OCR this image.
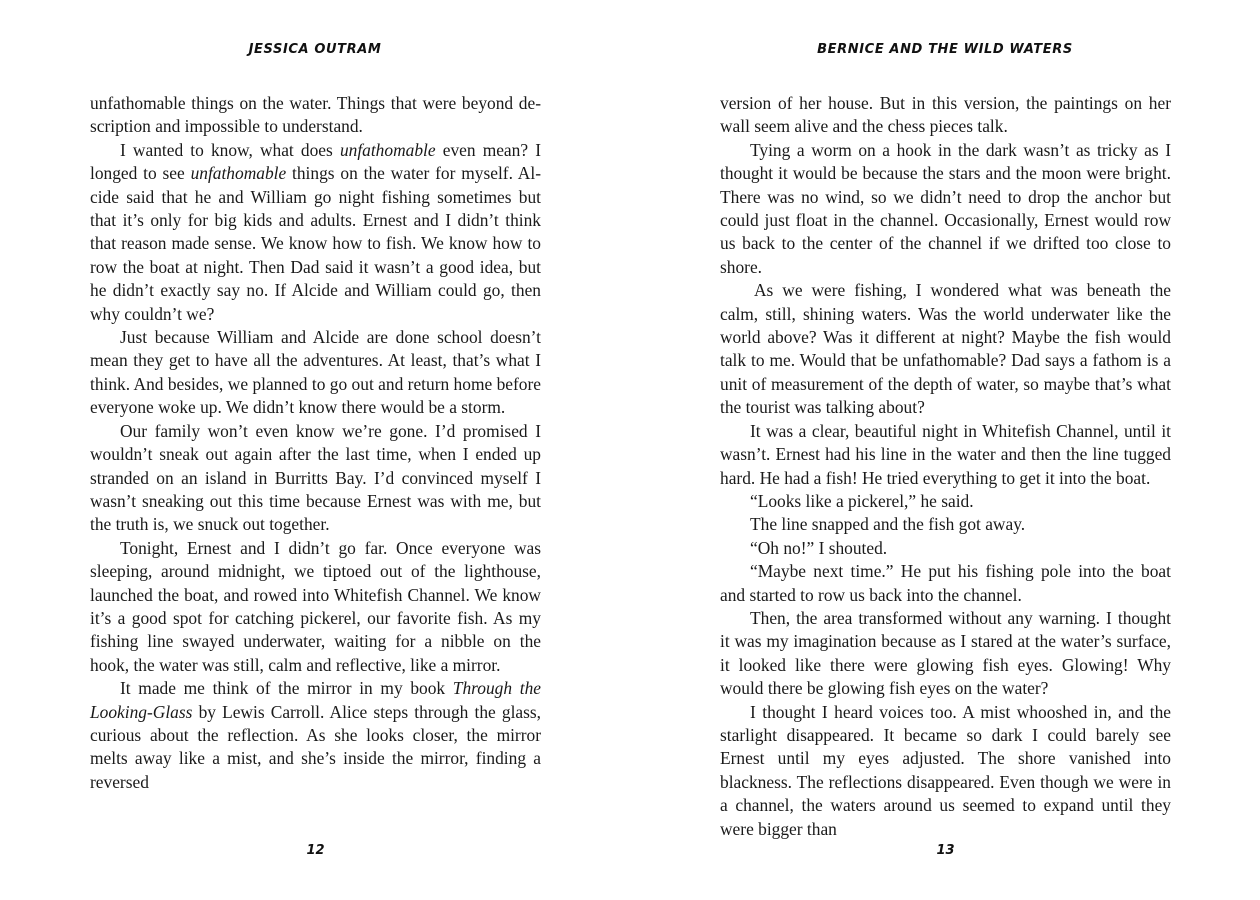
JESSICA OUTRAM

unfathomable things on the water. Things that were beyond description and impossible to understand.

I wanted to know, what does unfathomable even mean? I longed to see unfathomable things on the water for myself. Alcide said that he and William go night fishing sometimes but that it’s only for big kids and adults. Ernest and I didn’t think that reason made sense. We know how to fish. We know how to row the boat at night. Then Dad said it wasn’t a good idea, but he didn’t exactly say no. If Alcide and William could go, then why couldn’t we?

Just because William and Alcide are done school doesn’t mean they get to have all the adventures. At least, that’s what I think. And besides, we planned to go out and return home before everyone woke up. We didn’t know there would be a storm.

Our family won’t even know we’re gone. I’d promised I wouldn’t sneak out again after the last time, when I ended up stranded on an island in Burritts Bay. I’d convinced myself I wasn’t sneaking out this time because Ernest was with me, but the truth is, we snuck out together.

Tonight, Ernest and I didn’t go far. Once everyone was sleeping, around midnight, we tiptoed out of the lighthouse, launched the boat, and rowed into Whitefish Channel. We know it’s a good spot for catching pickerel, our favorite fish. As my fishing line swayed underwater, waiting for a nibble on the hook, the water was still, calm and reflective, like a mirror.

It made me think of the mirror in my book Through the Looking-Glass by Lewis Carroll. Alice steps through the glass, curious about the reflection. As she looks closer, the mirror melts away like a mist, and she’s inside the mirror, finding a reversed

12
BERNICE AND THE WILD WATERS

version of her house. But in this version, the paintings on her wall seem alive and the chess pieces talk.

Tying a worm on a hook in the dark wasn’t as tricky as I thought it would be because the stars and the moon were bright. There was no wind, so we didn’t need to drop the anchor but could just float in the channel. Occasionally, Ernest would row us back to the center of the channel if we drifted too close to shore.

As we were fishing, I wondered what was beneath the calm, still, shining waters. Was the world underwater like the world above? Was it different at night? Maybe the fish would talk to me. Would that be unfathomable? Dad says a fathom is a unit of measurement of the depth of water, so maybe that’s what the tourist was talking about?

It was a clear, beautiful night in Whitefish Channel, until it wasn’t. Ernest had his line in the water and then the line tugged hard. He had a fish! He tried everything to get it into the boat.

“Looks like a pickerel,” he said.

The line snapped and the fish got away.

“Oh no!” I shouted.

“Maybe next time.” He put his fishing pole into the boat and started to row us back into the channel.

Then, the area transformed without any warning. I thought it was my imagination because as I stared at the water’s surface, it looked like there were glowing fish eyes. Glowing! Why would there be glowing fish eyes on the water?

I thought I heard voices too. A mist whooshed in, and the starlight disappeared. It became so dark I could barely see Ernest until my eyes adjusted. The shore vanished into blackness. The reflections disappeared. Even though we were in a channel, the waters around us seemed to expand until they were bigger than

13
